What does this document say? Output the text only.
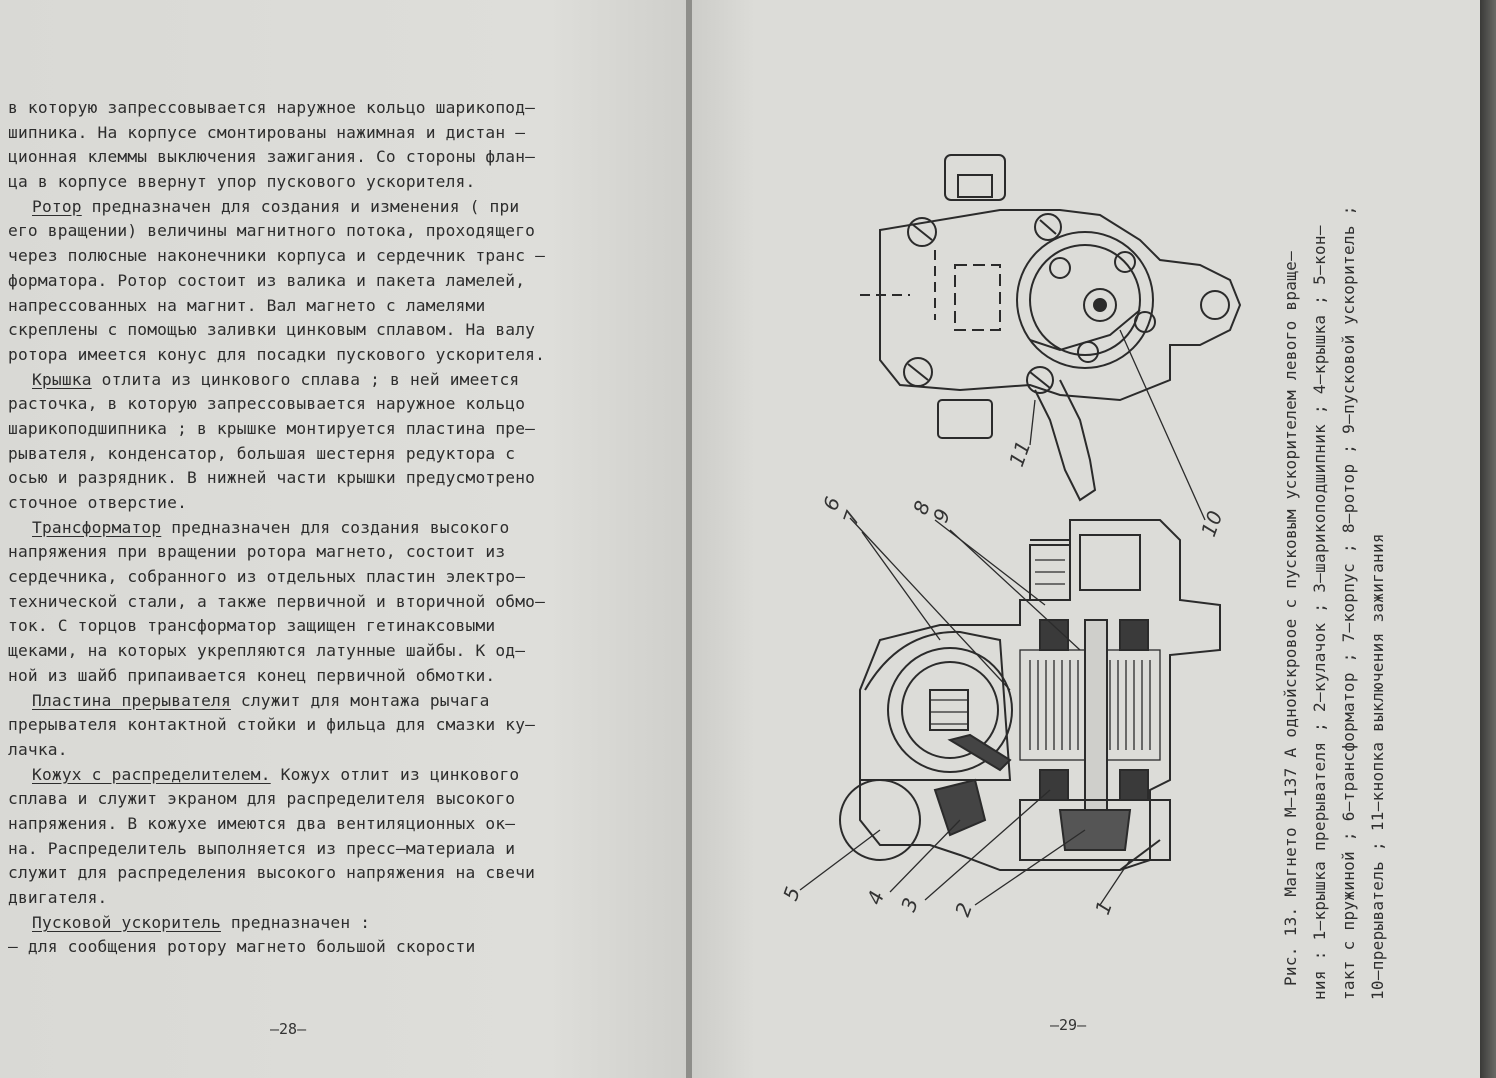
в которую запрессовывается наружное кольцо шарикопод—
шипника. На корпусе смонтированы нажимная и дистан —
ционная клеммы выключения зажигания. Со стороны флан—
ца в корпусе ввернут упор пускового ускорителя.
Ротор предназначен для создания и изменения ( при
его вращении) величины магнитного потока, проходящего
через полюсные наконечники корпуса и сердечник транс —
форматора. Ротор состоит из валика и пакета ламелей,
напрессованных на магнит. Вал магнето с ламелями
скреплены с помощью заливки цинковым сплавом. На валу
ротора имеется конус для посадки пускового ускорителя.
Крышка отлита из цинкового сплава ; в ней имеется
расточка, в которую запрессовывается наружное кольцо
шарикоподшипника ; в крышке монтируется пластина пре—
рывателя, конденсатор, большая шестерня редуктора с
осью и разрядник. В нижней части крышки предусмотрено
сточное отверстие.
Трансформатор предназначен для создания высокого
напряжения при вращении ротора магнето, состоит из
сердечника, собранного из отдельных пластин электро—
технической стали, а также первичной и вторичной обмо—
ток. С торцов трансформатор защищен гетинаксовыми
щеками, на которых укрепляются латунные шайбы. К од—
ной из шайб припаивается конец первичной обмотки.
Пластина прерывателя служит для монтажа рычага
прерывателя контактной стойки и фильца для смазки ку—
лачка.
Кожух с распределителем. Кожух отлит из цинкового
сплава и служит экраном для распределителя высокого
напряжения. В кожухе имеются два вентиляционных ок—
на. Распределитель выполняется из пресс—материала и
служит для распределения высокого напряжения на свечи
двигателя.
Пусковой ускоритель предназначен :
— для сообщения ротору магнето большой скорости
—28—	—29—
1
2
3
4
5
6
7 8
9	10
11	Рис. 13. Магнето М—137 А однойскровое с пусковым ускорителем левого враще— ния : 1—крышка прерывателя ; 2—кулачок ; 3—шарикоподшипник ; 4—крышка ; 5—кон— такт с пружиной ; 6—трансформатор ; 7—корпус ; 8—ротор ; 9—пусковой ускоритель ; 10—прерыватель ; 11—кнопка выключения зажигания
